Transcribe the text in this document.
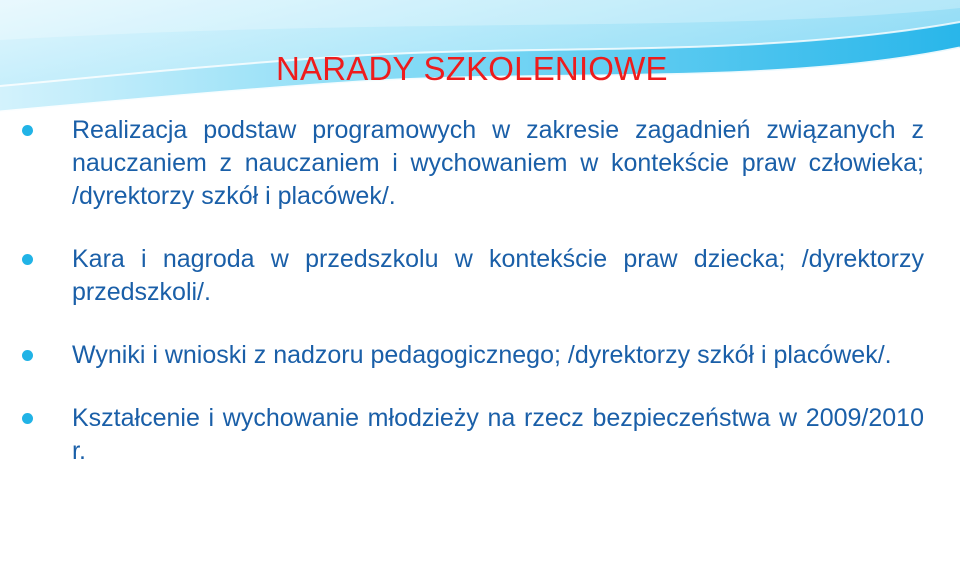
NARADY SZKOLENIOWE
Realizacja podstaw programowych w zakresie zagadnień związanych z nauczaniem z nauczaniem i wychowaniem w kontekście praw człowieka; /dyrektorzy szkół i placówek/.
Kara i nagroda w przedszkolu w kontekście praw dziecka; /dyrektorzy przedszkoli/.
Wyniki i wnioski z nadzoru pedagogicznego; /dyrektorzy szkół i placówek/.
Kształcenie i wychowanie młodzieży na rzecz bezpieczeństwa w 2009/2010 r.
